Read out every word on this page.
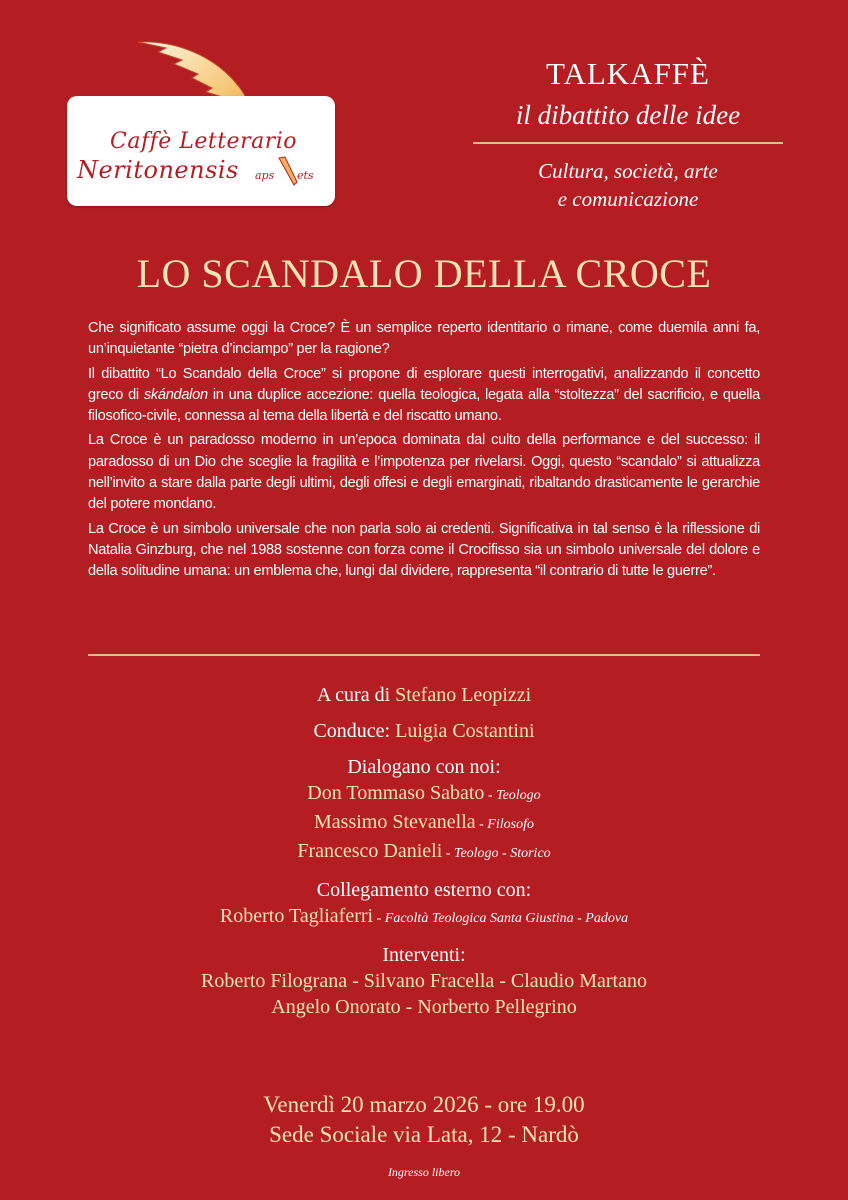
Caffè Letterario
Neritonensis aps ets
TALKAFFÈ
il dibattito delle idee
Cultura, società, arte
e comunicazione
LO SCANDALO DELLA CROCE

Che significato assume oggi la Croce? È un semplice reperto identitario o rimane, come duemila anni fa, un’inquietante “pietra d’inciampo” per la ragione?

Il dibattito “Lo Scandalo della Croce” si propone di esplorare questi interrogativi, analizzando il concetto greco di skándalon in una duplice accezione: quella teologica, legata alla “stoltezza” del sacrificio, e quella filosofico-civile, connessa al tema della libertà e del riscatto umano.

La Croce è un paradosso moderno in un’epoca dominata dal culto della performance e del successo: il paradosso di un Dio che sceglie la fragilità e l’impotenza per rivelarsi. Oggi, questo “scandalo” si attualizza nell’invito a stare dalla parte degli ultimi, degli offesi e degli emarginati, ribaltando drasticamente le gerarchie del potere mondano.

La Croce è un simbolo universale che non parla solo ai credenti. Significativa in tal senso è la riflessione di Natalia Ginzburg, che nel 1988 sostenne con forza come il Crocifisso sia un simbolo universale del dolore e della solitudine umana: un emblema che, lungi dal dividere, rappresenta “il contrario di tutte le guerre”.

A cura di Stefano Leopizzi
Conduce: Luigia Costantini
Dialogano con noi:
Don Tommaso Sabato - Teologo
Massimo Stevanella - Filosofo
Francesco Danieli - Teologo - Storico
Collegamento esterno con:
Roberto Tagliaferri - Facoltà Teologica Santa Giustina - Padova
Interventi:
Roberto Filograna - Silvano Fracella - Claudio Martano
Angelo Onorato - Norberto Pellegrino
Venerdì 20 marzo 2026 - ore 19.00
Sede Sociale via Lata, 12 - Nardò
Ingresso libero
